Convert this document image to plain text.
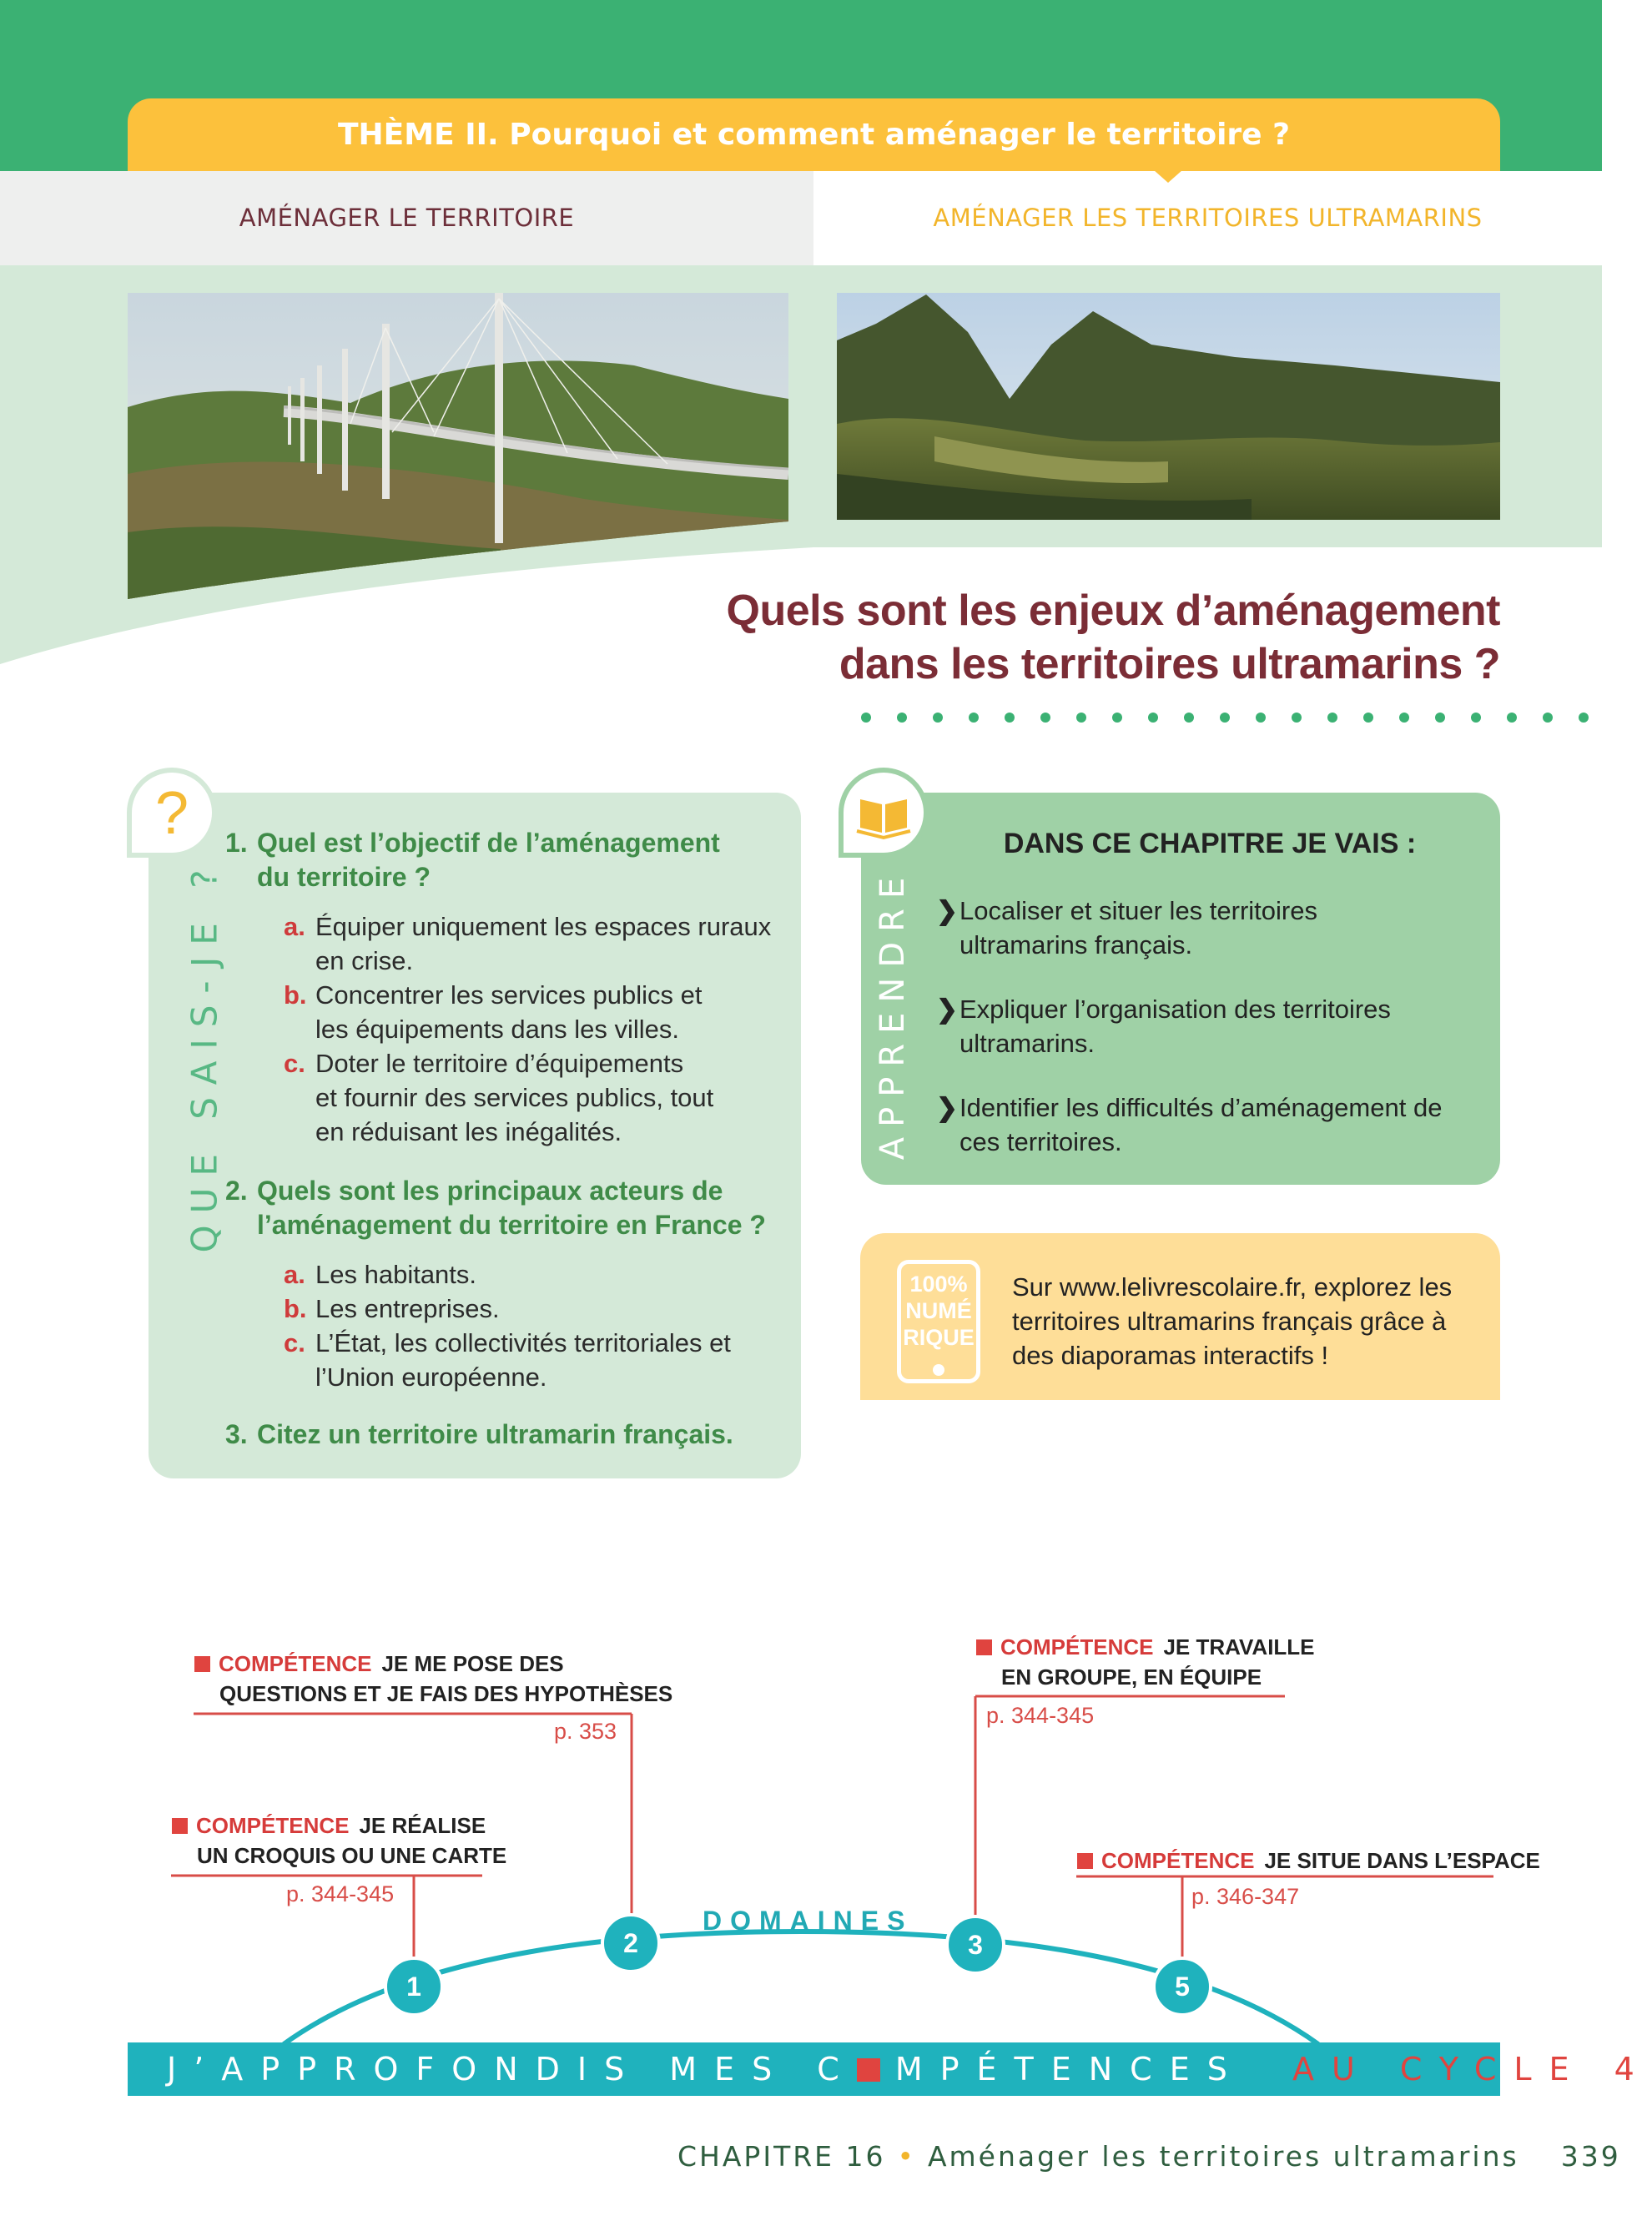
THÈME II. Pourquoi et comment aménager le territoire ?
AMÉNAGER LE TERRITOIRE	AMÉNAGER LES TERRITOIRES ULTRAMARINS
Quels sont les enjeux d’aménagement
dans les territoires ultramarins ?
?
QUE SAIS-JE ?
1. Quel est l’objectif de l’aménagement
du territoire ?
a. Équiper uniquement les espaces ruraux
en crise.
b. Concentrer les services publics et
les équipements dans les villes.
c. Doter le territoire d’équipements
et fournir des services publics, tout
en réduisant les inégalités.
2. Quels sont les principaux acteurs de
l’aménagement du territoire en France ?
a. Les habitants.
b. Les entreprises.
c. L’État, les collectivités territoriales et
l’Union européenne.
3. Citez un territoire ultramarin français.
APPRENDRE
DANS CE CHAPITRE JE VAIS :
❯ Localiser et situer les territoires
ultramarins français.
❯ Expliquer l’organisation des territoires
ultramarins.
❯ Identifier les difficultés d’aménagement de
ces territoires.
100%
NUMÉ
RIQUE
Sur www.lelivrescolaire.fr, explorez les
territoires ultramarins français grâce à
des diaporamas interactifs !
COMPÉTENCE JE ME POSE DES
QUESTIONS ET JE FAIS DES HYPOTHÈSES
p. 353
COMPÉTENCE JE RÉALISE
UN CROQUIS OU UNE CARTE
p. 344-345
COMPÉTENCE JE TRAVAILLE
EN GROUPE, EN ÉQUIPE
p. 344-345
COMPÉTENCE JE SITUE DANS L’ESPACE
p. 346-347
DOMAINES
1
2	3
5
J’APPROFONDIS MES C MPÉTENCES AU CYCLE 4
CHAPITRE 16 • Aménager les territoires ultramarins 339
